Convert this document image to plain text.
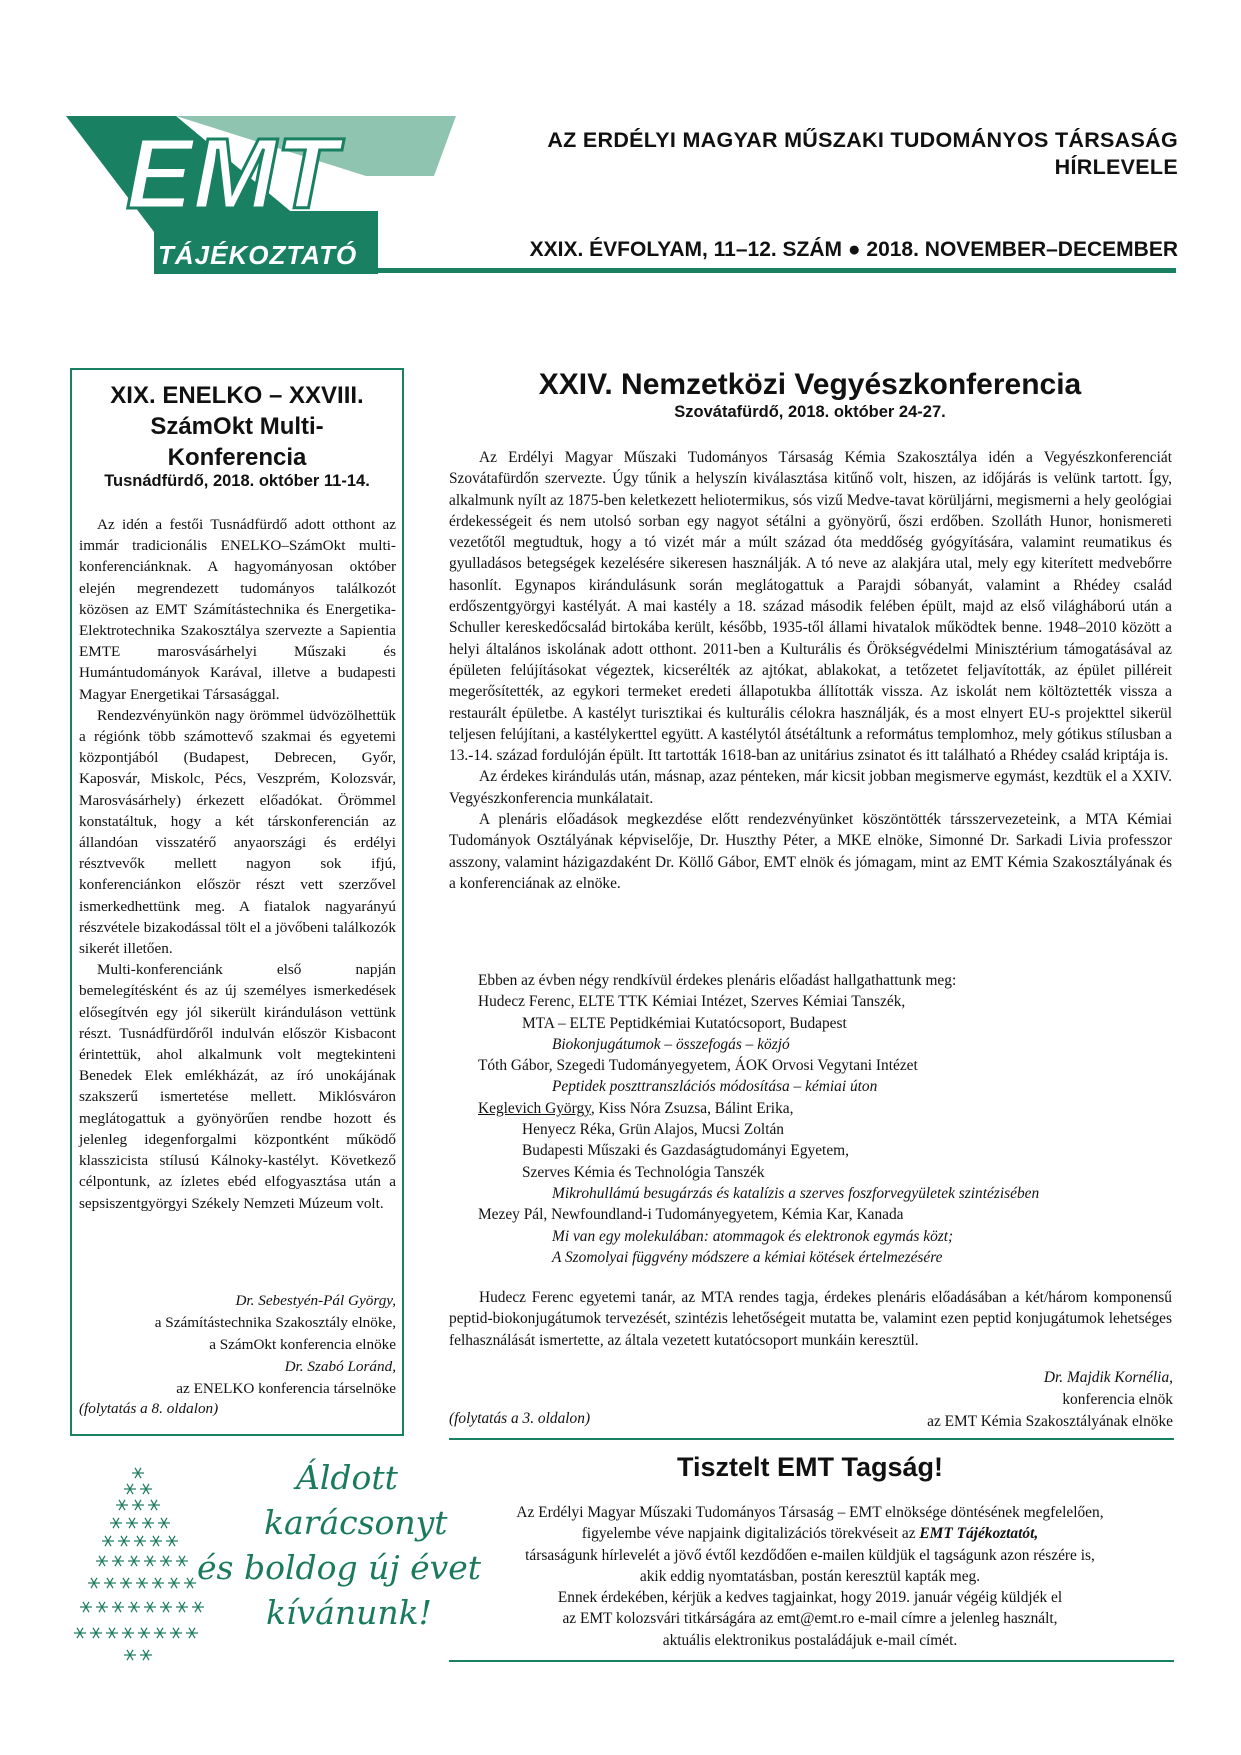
EMT
TÁJÉKOZTATÓ
AZ ERDÉLYI MAGYAR MŰSZAKI TUDOMÁNYOS TÁRSASÁG
HÍRLEVELE
XXIX. ÉVFOLYAM, 11–12. SZÁM ● 2018. NOVEMBER–DECEMBER
XIX. ENELKO – XXVIII.
SzámOkt Multi-
Konferencia
Tusnádfürdő, 2018. október 11-14.

Az idén a festői Tusnádfürdő adott otthont az immár tradicionális ENELKO–SzámOkt multi-konferenciánknak. A hagyományosan október elején megrendezett tudományos találkozót közösen az EMT Számítástechnika és Energetika-Elektrotechnika Szakosztálya szervezte a Sapientia EMTE marosvásárhelyi Műszaki és Humántudományok Karával, illetve a budapesti Magyar Energetikai Társasággal.

Rendezvényünkön nagy örömmel üdvözölhettük a régiónk több számottevő szakmai és egyetemi központjából (Budapest, Debrecen, Győr, Kaposvár, Miskolc, Pécs, Veszprém, Kolozsvár, Marosvásárhely) érkezett előadókat. Örömmel konstatáltuk, hogy a két társkonferencián az állandóan visszatérő anyaországi és erdélyi résztvevők mellett nagyon sok ifjú, konferenciánkon először részt vett szerzővel ismerkedhettünk meg. A fiatalok nagyarányú részvétele bizakodással tölt el a jövőbeni találkozók sikerét illetően.

Multi-konferenciánk első napján bemelegítésként és az új személyes ismerkedések elősegítvén egy jól sikerült kiránduláson vettünk részt. Tusnádfürdőről indulván először Kisbacont érintettük, ahol alkalmunk volt megtekinteni Benedek Elek emlékházát, az író unokájának szakszerű ismertetése mellett. Miklósváron meglátogattuk a gyönyörűen rendbe hozott és jelenleg idegenforgalmi központként működő klasszicista stílusú Kálnoky-kastélyt. Következő célpontunk, az ízletes ebéd elfogyasztása után a sepsiszentgyörgyi Székely Nemzeti Múzeum volt.

Dr. Sebestyén-Pál György,
a Számítástechnika Szakosztály elnöke,
a SzámOkt konferencia elnöke
Dr. Szabó Loránd,
az ENELKO konferencia társelnöke
(folytatás a 8. oldalon)
Áldott
karácsonyt
és boldog új évet
kívánunk!
XXIV. Nemzetközi Vegyészkonferencia
Szovátafürdő, 2018. október 24-27.

Az Erdélyi Magyar Műszaki Tudományos Társaság Kémia Szakosztálya idén a Vegyészkonferenciát Szovátafürdőn szervezte. Úgy tűnik a helyszín kiválasztása kitűnő volt, hiszen, az időjárás is velünk tartott. Így, alkalmunk nyílt az 1875-ben keletkezett heliotermikus, sós vizű Medve-tavat körüljárni, megismerni a hely geológiai érdekességeit és nem utolsó sorban egy nagyot sétálni a gyönyörű, őszi erdőben. Szolláth Hunor, honismereti vezetőtől megtudtuk, hogy a tó vizét már a múlt század óta meddőség gyógyítására, valamint reumatikus és gyulladásos betegségek kezelésére sikeresen használják. A tó neve az alakjára utal, mely egy kiterített medvebőrre hasonlít. Egynapos kirándulásunk során meglátogattuk a Parajdi sóbanyát, valamint a Rhédey család erdőszentgyörgyi kastélyát. A mai kastély a 18. század második felében épült, majd az első világháború után a Schuller kereskedőcsalád birtokába került, később, 1935-től állami hivatalok működtek benne. 1948–2010 között a helyi általános iskolának adott otthont. 2011-ben a Kulturális és Örökségvédelmi Minisztérium támogatásával az épületen felújításokat végeztek, kicserélték az ajtókat, ablakokat, a tetőzetet feljavították, az épület pilléreit megerősítették, az egykori termeket eredeti állapotukba állították vissza. Az iskolát nem költöztették vissza a restaurált épületbe. A kastélyt turisztikai és kulturális célokra használják, és a most elnyert EU-s projekttel sikerül teljesen felújítani, a kastélykerttel együtt. A kastélytól átsétáltunk a református templomhoz, mely gótikus stílusban a 13.-14. század fordulóján épült. Itt tartották 1618-ban az unitárius zsinatot és itt található a Rhédey család kriptája is.

Az érdekes kirándulás után, másnap, azaz pénteken, már kicsit jobban megismerve egymást, kezdtük el a XXIV. Vegyészkonferencia munkálatait.

A plenáris előadások megkezdése előtt rendezvényünket köszöntötték társszervezeteink, a MTA Kémiai Tudományok Osztályának képviselője, Dr. Huszthy Péter, a MKE elnöke, Simonné Dr. Sarkadi Livia professzor asszony, valamint házigazdaként Dr. Köllő Gábor, EMT elnök és jómagam, mint az EMT Kémia Szakosztályának és a konferenciának az elnöke.

Ebben az évben négy rendkívül érdekes plenáris előadást hallgathattunk meg:
Hudecz Ferenc, ELTE TTK Kémiai Intézet, Szerves Kémiai Tanszék,
MTA – ELTE Peptidkémiai Kutatócsoport, Budapest
Biokonjugátumok – összefogás – közjó
Tóth Gábor, Szegedi Tudományegyetem, ÁOK Orvosi Vegytani Intézet
Peptidek poszttranszlációs módosítása – kémiai úton
Keglevich György, Kiss Nóra Zsuzsa, Bálint Erika,
Henyecz Réka, Grün Alajos, Mucsi Zoltán
Budapesti Műszaki és Gazdaságtudományi Egyetem,
Szerves Kémia és Technológia Tanszék
Mikrohullámú besugárzás és katalízis a szerves foszforvegyületek szintézisében
Mezey Pál, Newfoundland-i Tudományegyetem, Kémia Kar, Kanada
Mi van egy molekulában: atommagok és elektronok egymás közt;
A Szomolyai függvény módszere a kémiai kötések értelmezésére
Hudecz Ferenc egyetemi tanár, az MTA rendes tagja, érdekes plenáris előadásában a két/három komponensű peptid-biokonjugátumok tervezését, szintézis lehetőségeit mutatta be, valamint ezen peptid konjugátumok lehetséges felhasználását ismertette, az általa vezetett kutatócsoport munkáin keresztül.
Dr. Majdik Kornélia,
konferencia elnök
az EMT Kémia Szakosztályának elnöke
(folytatás a 3. oldalon)
Tisztelt EMT Tagság!
Az Erdélyi Magyar Műszaki Tudományos Társaság – EMT elnöksége döntésének megfelelően,
figyelembe véve napjaink digitalizációs törekvéseit az EMT Tájékoztatót,
társaságunk hírlevelét a jövő évtől kezdődően e-mailen küldjük el tagságunk azon részére is,
akik eddig nyomtatásban, postán keresztül kapták meg.
Ennek érdekében, kérjük a kedves tagjainkat, hogy 2019. január végéig küldjék el
az EMT kolozsvári titkárságára az emt@emt.ro e-mail címre a jelenleg használt,
aktuális elektronikus postaládájuk e-mail címét.
